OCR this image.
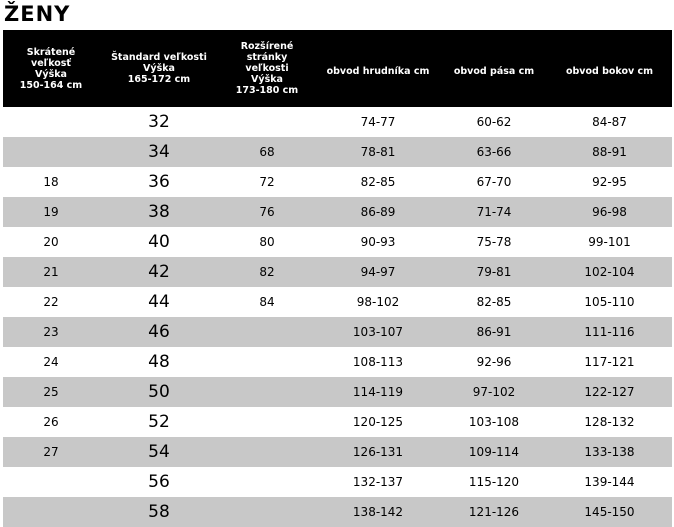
ŽENY
Skrátené
veľkosť
Výška
150-164 cm	Štandard veľkosti
Výška
165-172 cm	Rozšírené stránky
veľkosti
Výška
173-180 cm	obvod hrudníka cm	obvod pása cm	obvod bokov cm

	32		74-77	60-62	84-87
	34	68	78-81	63-66	88-91
18	36	72	82-85	67-70	92-95
19	38	76	86-89	71-74	96-98
20	40	80	90-93	75-78	99-101
21	42	82	94-97	79-81	102-104
22	44	84	98-102	82-85	105-110
23	46		103-107	86-91	111-116
24	48		108-113	92-96	117-121
25	50		114-119	97-102	122-127
26	52		120-125	103-108	128-132
27	54		126-131	109-114	133-138
	56		132-137	115-120	139-144
	58		138-142	121-126	145-150
